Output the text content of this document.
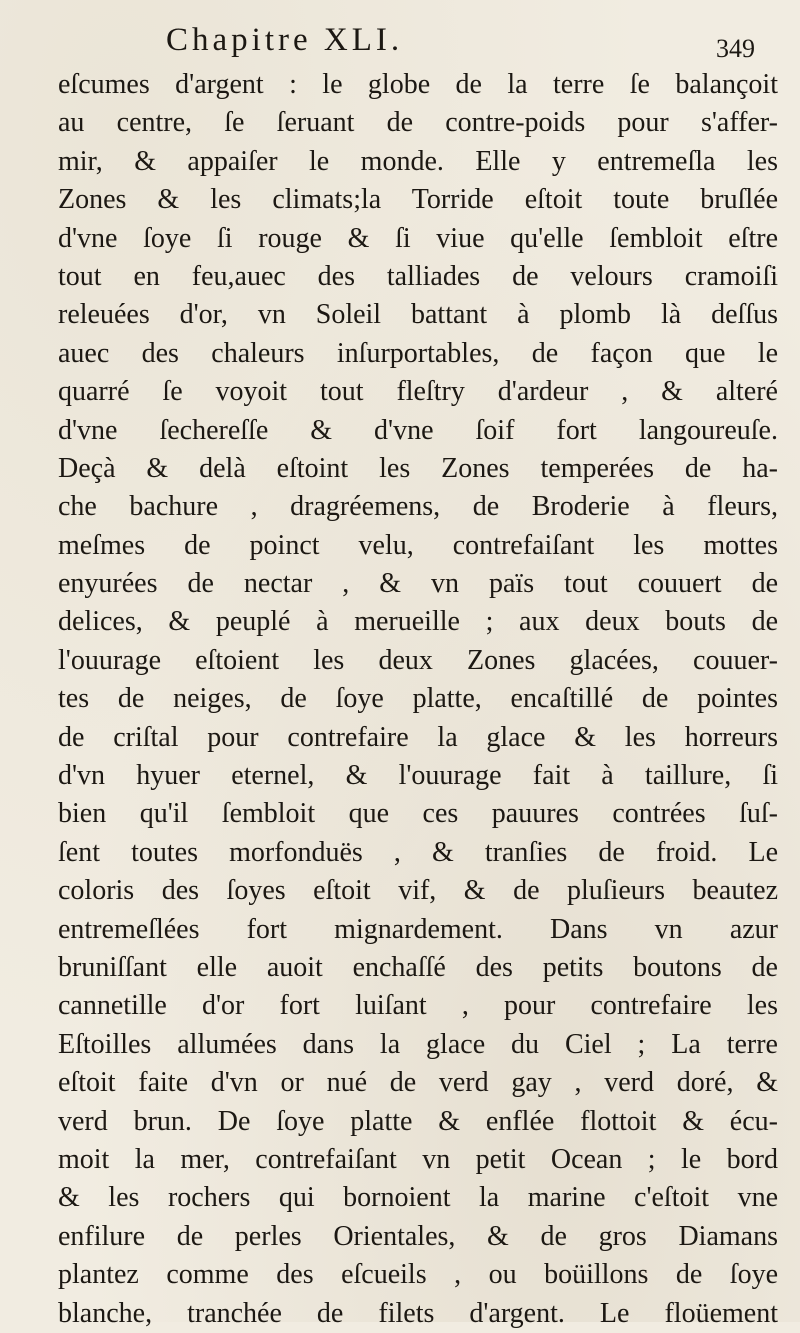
Chapitre XLI.	349
eſcumes d'argent : le globe de la terre ſe balançoit
au centre, ſe ſeruant de contre-poids pour s'affer-
mir, & appaiſer le monde. Elle y entremeſla les
Zones & les climats;la Torride eſtoit toute bruſlée
d'vne ſoye ſi rouge & ſi viue qu'elle ſembloit eſtre
tout en feu,auec des talliades de velours cramoiſi
releuées d'or, vn Soleil battant à plomb là deſſus
auec des chaleurs inſurportables, de façon que le
quarré ſe voyoit tout fleſtry d'ardeur , & alteré
d'vne ſechereſſe & d'vne ſoif fort langoureuſe.
Deçà & delà eſtoint les Zones temperées de ha-
che bachure , dragréemens, de Broderie à fleurs,
meſmes de poinct velu, contrefaiſant les mottes
enyurées de nectar , & vn païs tout couuert de
delices, & peuplé à merueille ; aux deux bouts de
l'ouurage eſtoient les deux Zones glacées, couuer-
tes de neiges, de ſoye platte, encaſtillé de pointes
de criſtal pour contrefaire la glace & les horreurs
d'vn hyuer eternel, & l'ouurage fait à taillure, ſi
bien qu'il ſembloit que ces pauures contrées ſuſ-
ſent toutes morfonduës , & tranſies de froid. Le
coloris des ſoyes eſtoit vif, & de pluſieurs beautez
entremeſlées fort mignardement. Dans vn azur
bruniſſant elle auoit enchaſſé des petits boutons de
cannetille d'or fort luiſant , pour contrefaire les
Eſtoilles allumées dans la glace du Ciel ; La terre
eſtoit faite d'vn or nué de verd gay , verd doré, &
verd brun. De ſoye platte & enflée flottoit & écu-
moit la mer, contrefaiſant vn petit Ocean ; le bord
& les rochers qui bornoient la marine c'eſtoit vne
enfilure de perles Orientales, & de gros Diamans
plantez comme des eſcueils , ou boüillons de ſoye
blanche, tranchée de filets d'argent. Le floüement
